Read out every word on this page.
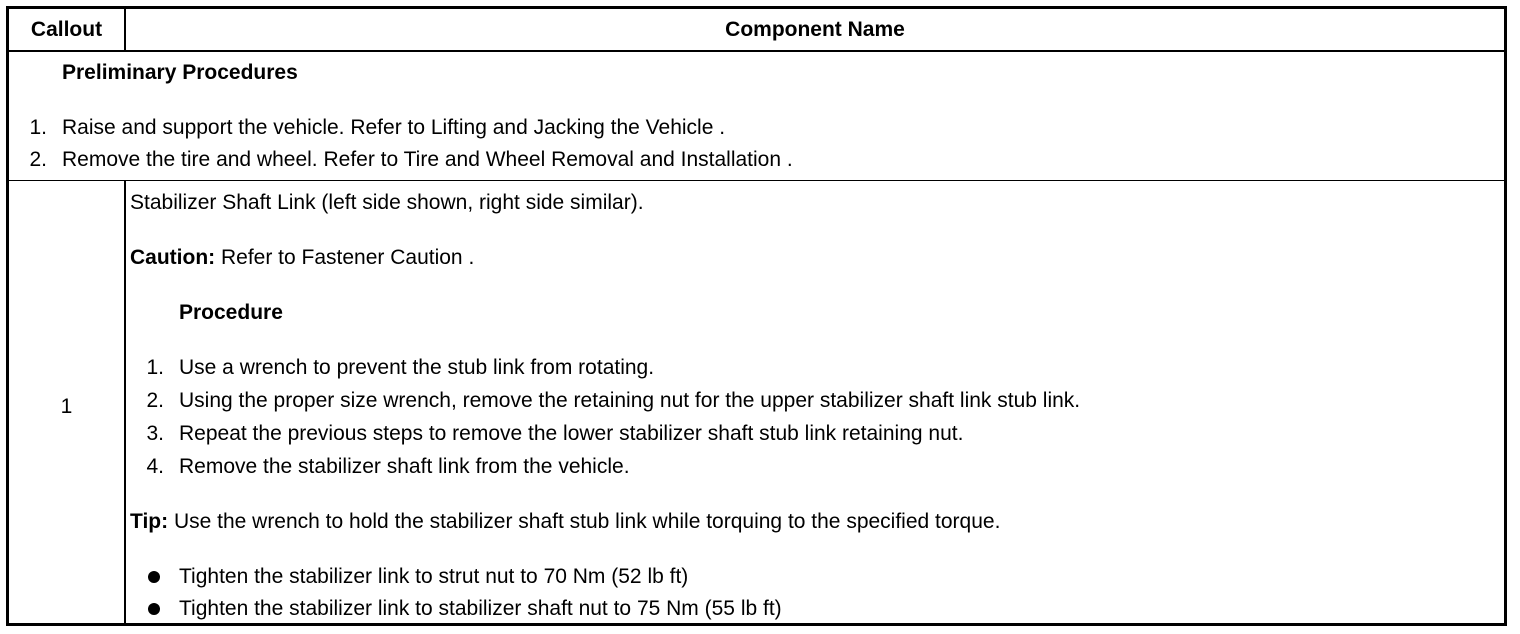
Callout	Component Name
Preliminary Procedures
1. Raise and support the vehicle. Refer to Lifting and Jacking the Vehicle .
2. Remove the tire and wheel. Refer to Tire and Wheel Removal and Installation .
1
Stabilizer Shaft Link (left side shown, right side similar).
Caution: Refer to Fastener Caution .
Procedure
1. Use a wrench to prevent the stub link from rotating.
2. Using the proper size wrench, remove the retaining nut for the upper stabilizer shaft link stub link.
3. Repeat the previous steps to remove the lower stabilizer shaft stub link retaining nut.
4. Remove the stabilizer shaft link from the vehicle.
Tip: Use the wrench to hold the stabilizer shaft stub link while torquing to the specified torque.
Tighten the stabilizer link to strut nut to 70 Nm (52 lb ft)
Tighten the stabilizer link to stabilizer shaft nut to 75 Nm (55 lb ft)
